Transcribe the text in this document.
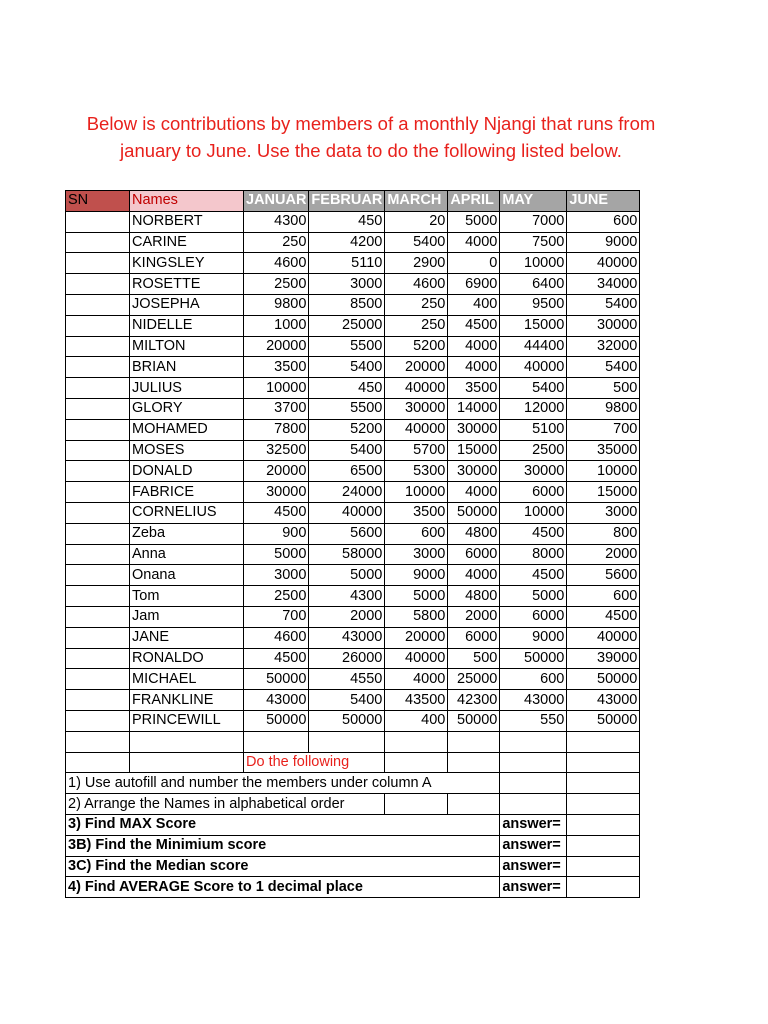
Below is contributions by members of a monthly Njangi that runs from january to June. Use the data to do the following listed below.
SN	Names	JANUAR	FEBRUAR	MARCH	APRIL	MAY	JUNE
	NORBERT	4300	450	20	5000	7000	600
	CARINE	250	4200	5400	4000	7500	9000
	KINGSLEY	4600	5110	2900	0	10000	40000
	ROSETTE	2500	3000	4600	6900	6400	34000
	JOSEPHA	9800	8500	250	400	9500	5400
	NIDELLE	1000	25000	250	4500	15000	30000
	MILTON	20000	5500	5200	4000	44400	32000
	BRIAN	3500	5400	20000	4000	40000	5400
	JULIUS	10000	450	40000	3500	5400	500
	GLORY	3700	5500	30000	14000	12000	9800
	MOHAMED	7800	5200	40000	30000	5100	700
	MOSES	32500	5400	5700	15000	2500	35000
	DONALD	20000	6500	5300	30000	30000	10000
	FABRICE	30000	24000	10000	4000	6000	15000
	CORNELIUS	4500	40000	3500	50000	10000	3000
	Zeba	900	5600	600	4800	4500	800
	Anna	5000	58000	3000	6000	8000	2000
	Onana	3000	5000	9000	4000	4500	5600
	Tom	2500	4300	5000	4800	5000	600
	Jam	700	2000	5800	2000	6000	4500
	JANE	4600	43000	20000	6000	9000	40000
	RONALDO	4500	26000	40000	500	50000	39000
	MICHAEL	50000	4550	4000	25000	600	50000
	FRANKLINE	43000	5400	43500	42300	43000	43000
	PRINCEWILL	50000	50000	400	50000	550	50000

		Do the following					
1) Use autofill and number the members under column A							
2) Arrange the Names in alphabetical order							
3) Find MAX Score						answer=	
3B) Find the Minimium score						answer=	
3C) Find the Median score						answer=	
4) Find AVERAGE Score to 1 decimal place						answer=	
